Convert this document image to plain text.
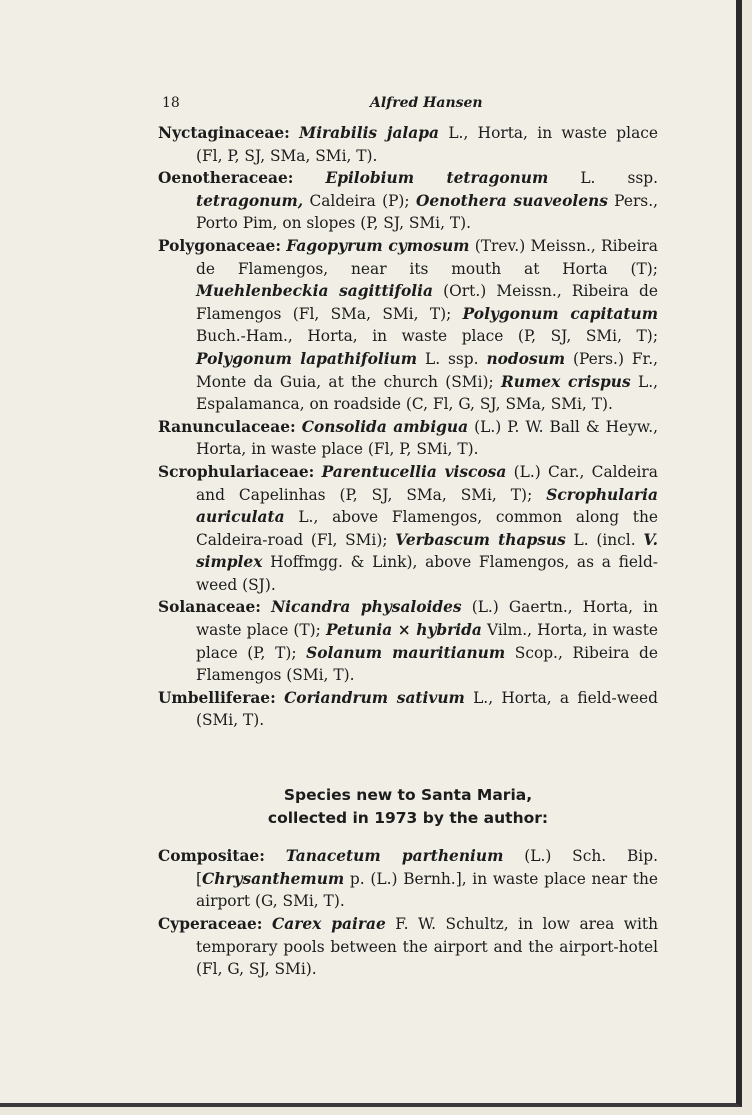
18	Alfred Hansen

Nyctaginaceae: Mirabilis jalapa L., Horta, in waste place (Fl, P, SJ, SMa, SMi, T).

Oenotheraceae: Epilobium tetragonum L. ssp. tetragonum, Caldeira (P); Oenothera suaveolens Pers., Porto Pim, on slopes (P, SJ, SMi, T).

Polygonaceae: Fagopyrum cymosum (Trev.) Meissn., Ribeira de Flamengos, near its mouth at Horta (T); Muehlenbeckia sagittifolia (Ort.) Meissn., Ribeira de Flamengos (Fl, SMa, SMi, T); Polygonum capitatum Buch.-Ham., Horta, in waste place (P, SJ, SMi, T); Polygonum lapathifolium L. ssp. nodosum (Pers.) Fr., Monte da Guia, at the church (SMi); Rumex crispus L., Espalamanca, on roadside (C, Fl, G, SJ, SMa, SMi, T).

Ranunculaceae: Consolida ambigua (L.) P. W. Ball & Heyw., Horta, in waste place (Fl, P, SMi, T).

Scrophulariaceae: Parentucellia viscosa (L.) Car., Caldeira and Capelinhas (P, SJ, SMa, SMi, T); Scrophularia auriculata L., above Flamengos, common along the Caldeira-road (Fl, SMi); Verbascum thapsus L. (incl. V. simplex Hoffmgg. & Link), above Flamengos, as a field-weed (SJ).

Solanaceae: Nicandra physaloides (L.) Gaertn., Horta, in waste place (T); Petunia × hybrida Vilm., Horta, in waste place (P, T); Solanum mauritianum Scop., Ribeira de Flamengos (SMi, T).

Umbelliferae: Coriandrum sativum L., Horta, a field-weed (SMi, T).

Species new to Santa Maria,
collected in 1973 by the author:

Compositae: Tanacetum parthenium (L.) Sch. Bip. [Chrysanthemum p. (L.) Bernh.], in waste place near the airport (G, SMi, T).

Cyperaceae: Carex pairae F. W. Schultz, in low area with temporary pools between the airport and the airport-hotel (Fl, G, SJ, SMi).
